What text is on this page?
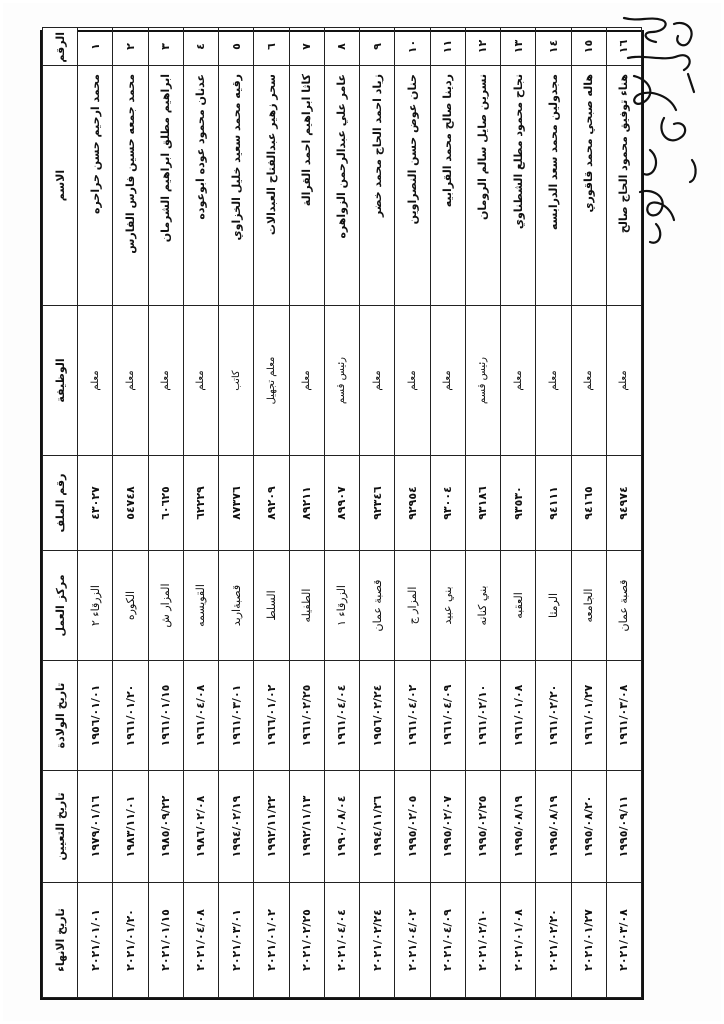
الرقم	الاسم	الوظيفة	رقم الملف	مركز العمل	تاريخ الولادة	تاريخ التعيين	تاريخ الانهاء
١	محمد ارحيم حسن حراحره	معلم	٤٣٠٢٧	الزرقاء ٢	١٩٥٦/٠١/٠١	١٩٧٩/٠١/١٦	٢٠٢١/٠١/٠١
٢	محمد جمعه حسين فارس الفارس	معلم	٥٤٧٤٨	الكوره	١٩٦١/٠١/٢٠	١٩٨٣/١١/٠١	٢٠٢١/٠١/٢٠
٣	ابراهيم مطلق ابراهيم الشرمان	معلم	٦٠٦٢٥	المزار ش	١٩٦١/٠١/١٥	١٩٨٥/٠٩/٢٢	٢٠٢١/٠١/١٥
٤	عدنان محمود عوده ابوعوده	معلم	٦٢٢٢٩	القويسمه	١٩٦١/٠٤/٠٨	١٩٨٦/٠٢/٠٨	٢٠٢١/٠٤/٠٨
٥	رقيه محمد سعيد خليل الخزاوي	كاتب	٨٧٣٧٦	قصبةاربد	١٩٦١/٠٣/٠١	١٩٩٤/٠٢/١٩	٢٠٢١/٠٣/٠١
٦	سحر زهير عبدالفتاح العبدالات	معلم تجهيل	٨٩٢٠٩	السلط	١٩٦٦/٠١/٠٢	١٩٩٢/١١/٢٢	٢٠٢١/٠١/٠٢
٧	كاثا ابراهيم احمد القرالة	معلم	٨٩٢١١	الطفيله	١٩٦١/٠٢/٢٥	١٩٩٢/١١/١٣	٢٠٢١/٠٢/٢٥
٨	عامر علي عبدالرحمن الزواهره	رئيس قسم	٨٩٩٠٧	الزرقاء ١	١٩٦١/٠٤/٠٤	١٩٩٠/٠٨/٠٤	٢٠٢١/٠٤/٠٤
٩	زياد احمد الحاج محمد خضر	معلم	٩٢٣٤٦	قصبة عمان	١٩٥٦/٠٢/٢٤	١٩٩٤/١١/٢٦	٢٠٢١/٠٢/٢٤
١٠	حنان عوض حسن النصراوين	معلم	٩٢٩٥٤	المزار ج	١٩٦١/٠٤/٠٢	١٩٩٥/٠٢/٠٥	٢٠٢١/٠٤/٠٢
١١	ردينا صالح محمد القرابيه	معلم	٩٣٠٠٤	بني عبيد	١٩٦١/٠٤/٠٩	١٩٩٥/٠٢/٠٧	٢٠٢١/٠٤/٠٩
١٢	نسرين صايل سالم الرومان	رئيس قسم	٩٣١٨٦	بني كنانه	١٩٦١/٠٢/١٠	١٩٩٥/٠٢/٢٥	٢٠٢١/٠٢/١٠
١٣	نجاح محمود مطلع الشطناوي	معلم	٩٣٥٣٠	العقبه	١٩٦١/٠١/٠٨	١٩٩٥/٠٨/١٩	٢٠٢١/٠١/٠٨
١٤	مجدولين محمد سعد الدرابسه	معلم	٩٤١١١	الرمثا	١٩٦١/٠٢/٢٠	١٩٩٥/٠٨/١٩	٢٠٢١/٠٢/٢٠
١٥	هاله صبحي محمد قاقوري	معلم	٩٤١٦٥	الجامعه	١٩٦١/٠١/٢٧	١٩٩٥/٠٨/٢٠	٢٠٢١/٠١/٢٧
١٦	هناء توفيق محمود الحاج صالح	معلم	٩٤٩٧٤	قصبة عمان	١٩٦١/٠٣/٠٨	١٩٩٥/٠٩/١١	٢٠٢١/٠٣/٠٨
